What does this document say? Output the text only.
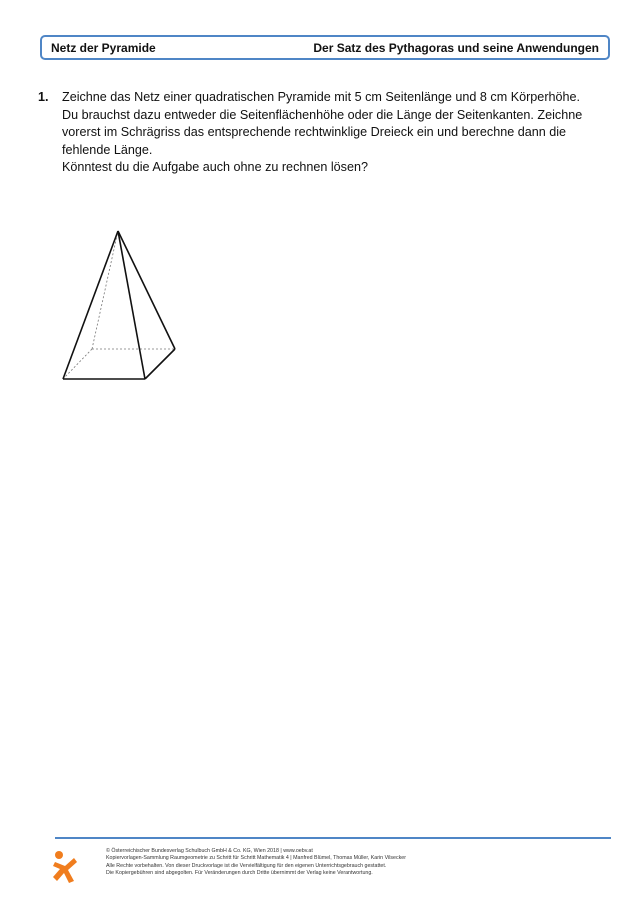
Netz der Pyramide	Der Satz des Pythagoras und seine Anwendungen
1. Zeichne das Netz einer quadratischen Pyramide mit 5 cm Seitenlänge und 8 cm Körperhöhe.
Du brauchst dazu entweder die Seitenflächenhöhe oder die Länge der Seitenkanten. Zeichne
vorerst im Schrägriss das entsprechende rechtwinklige Dreieck ein und berechne dann die
fehlende Länge.
Könntest du die Aufgabe auch ohne zu rechnen lösen?
© Österreichischer Bundesverlag Schulbuch GmbH & Co. KG, Wien 2018 | www.oebv.at
Kopiervorlagen-Sammlung Raumgeometrie zu Schritt für Schritt Mathematik 4 | Manfred Blümel, Thomas Müller, Karin Vilsecker
Alle Rechte vorbehalten. Von dieser Druckvorlage ist die Vervielfältigung für den eigenen Unterrichtsgebrauch gestattet.
Die Kopiergebühren sind abgegolten. Für Veränderungen durch Dritte übernimmt der Verlag keine Verantwortung.
